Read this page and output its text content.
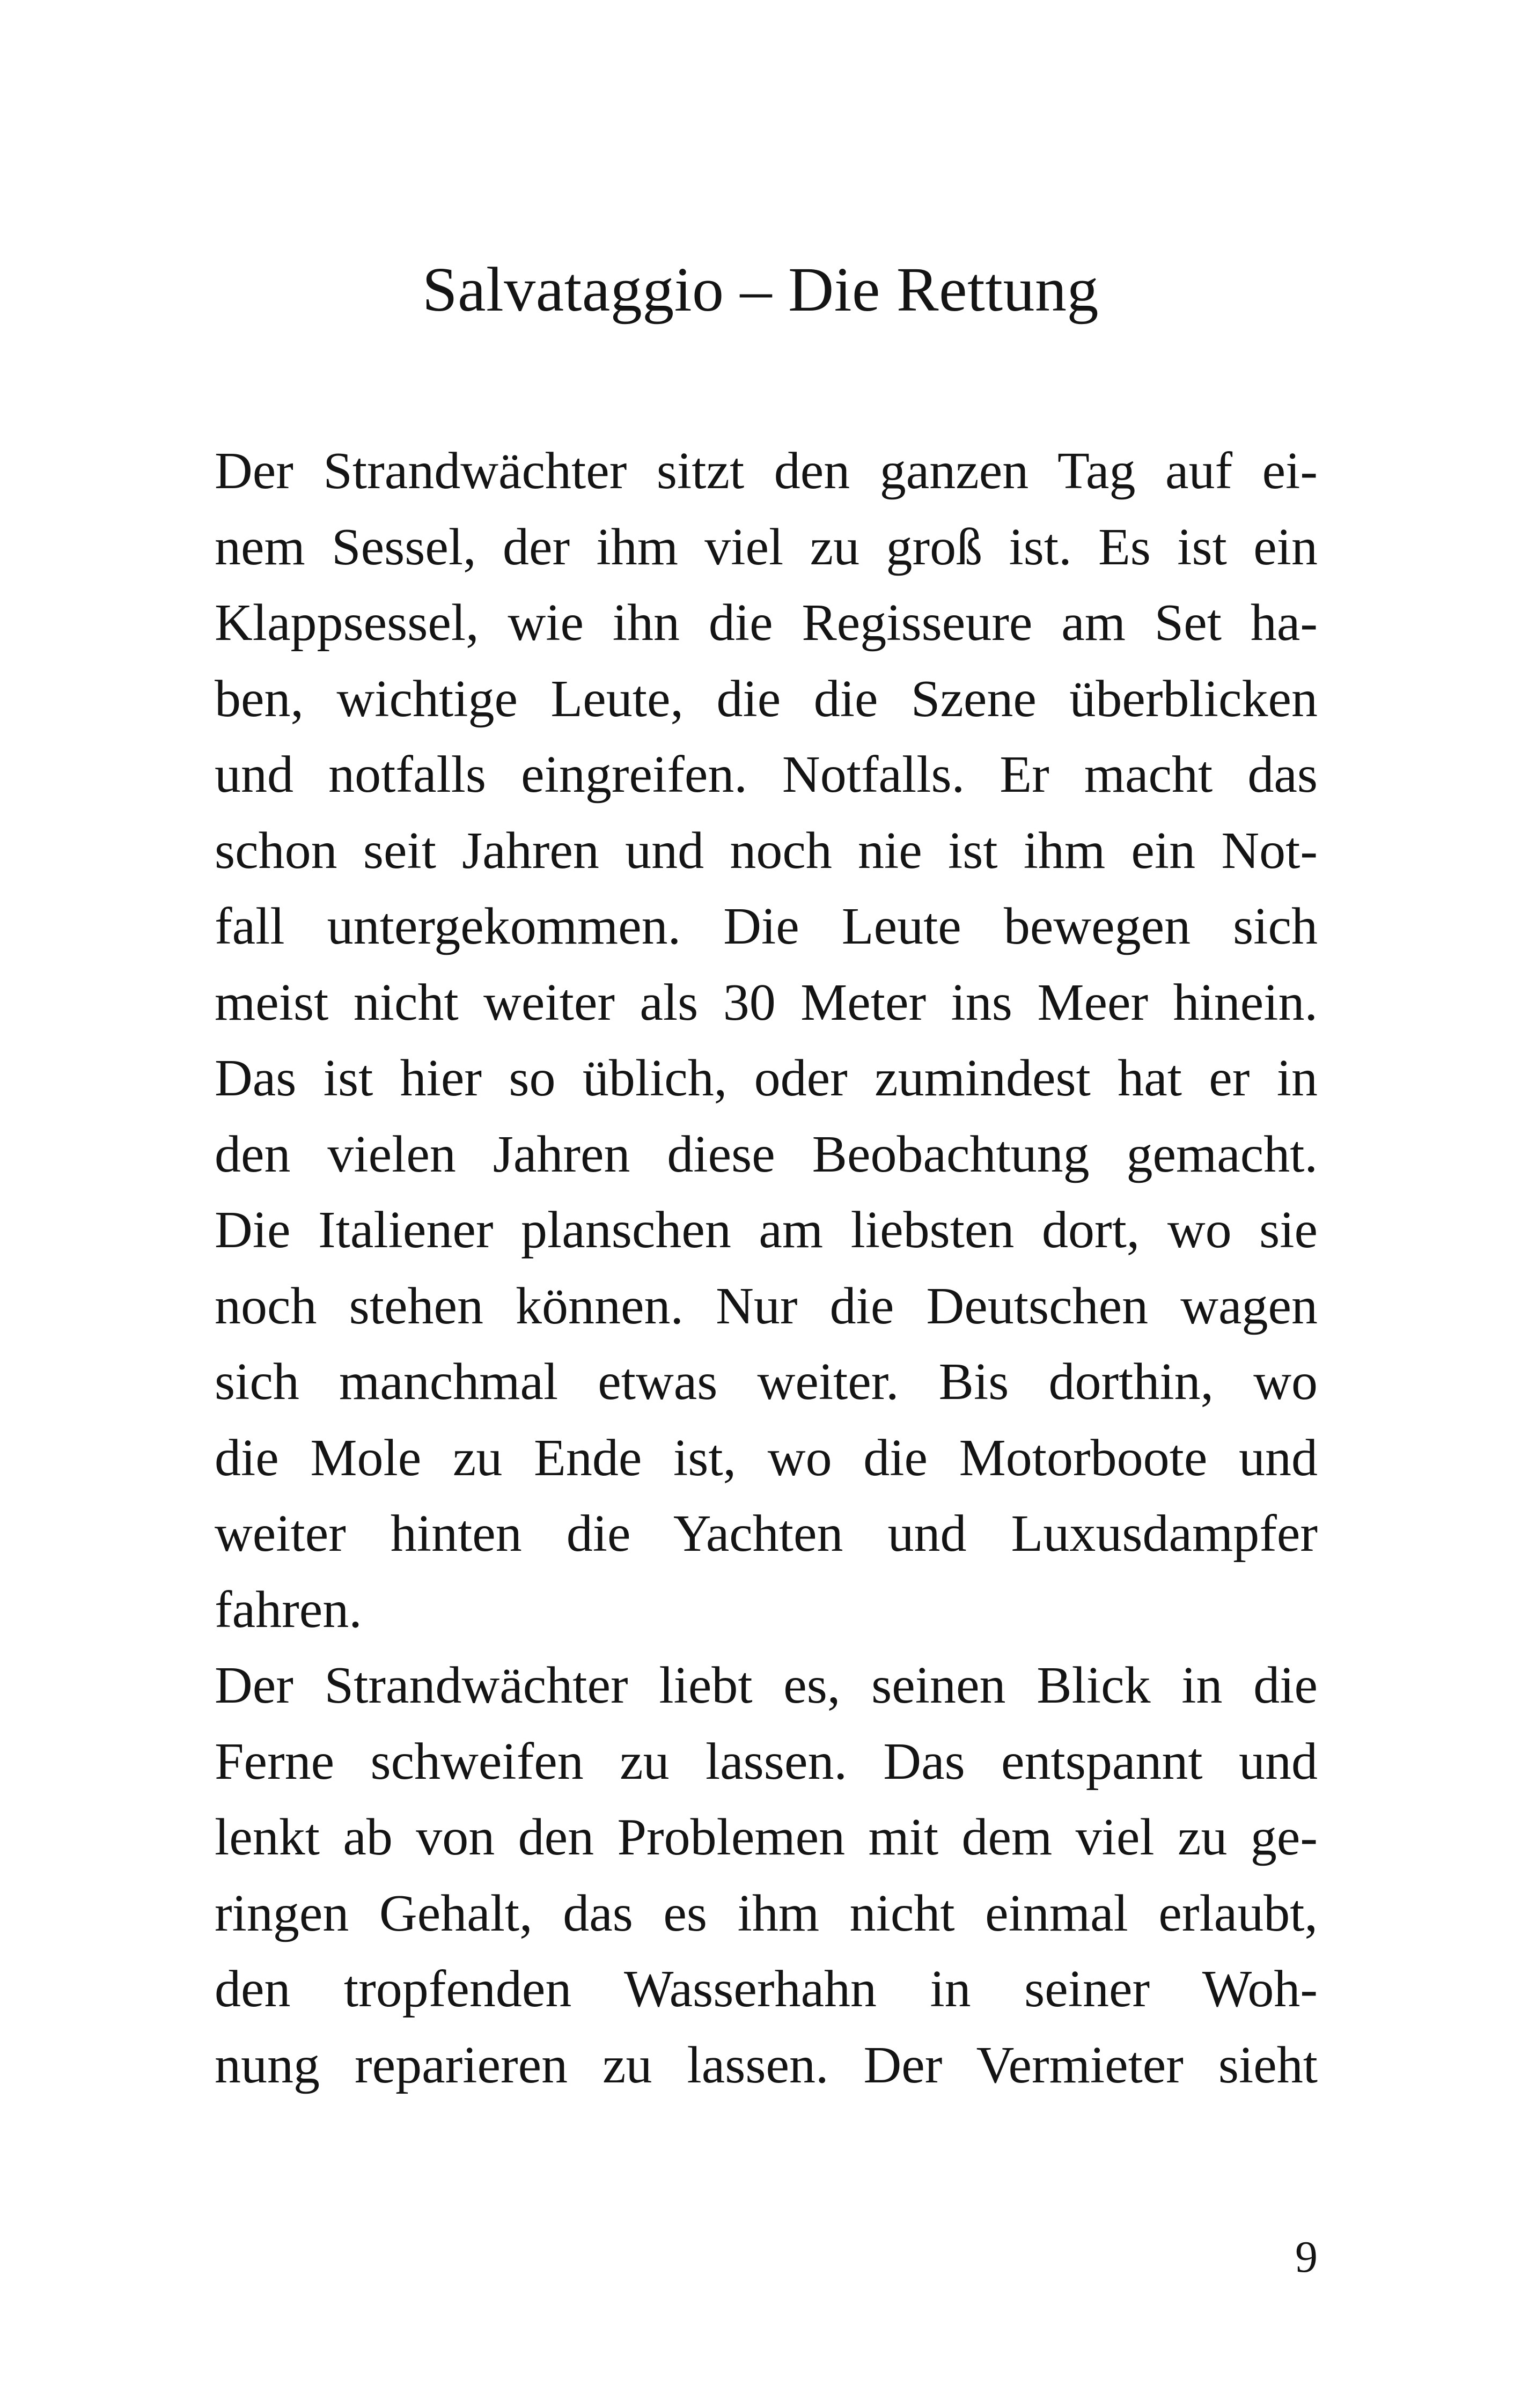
Salvataggio – Die Rettung
Der Strandwächter sitzt den ganzen Tag auf ei-
nem Sessel, der ihm viel zu groß ist. Es ist ein
Klappsessel, wie ihn die Regisseure am Set ha-
ben, wichtige Leute, die die Szene überblicken
und notfalls eingreifen. Notfalls. Er macht das
schon seit Jahren und noch nie ist ihm ein Not-
fall untergekommen. Die Leute bewegen sich
meist nicht weiter als 30 Meter ins Meer hinein.
Das ist hier so üblich, oder zumindest hat er in
den vielen Jahren diese Beobachtung gemacht.
Die Italiener planschen am liebsten dort, wo sie
noch stehen können. Nur die Deutschen wagen
sich manchmal etwas weiter. Bis dorthin, wo
die Mole zu Ende ist, wo die Motorboote und
weiter hinten die Yachten und Luxusdampfer
fahren.
Der Strandwächter liebt es, seinen Blick in die
Ferne schweifen zu lassen. Das entspannt und
lenkt ab von den Problemen mit dem viel zu ge-
ringen Gehalt, das es ihm nicht einmal erlaubt,
den tropfenden Wasserhahn in seiner Woh-
nung reparieren zu lassen. Der Vermieter sieht
9
